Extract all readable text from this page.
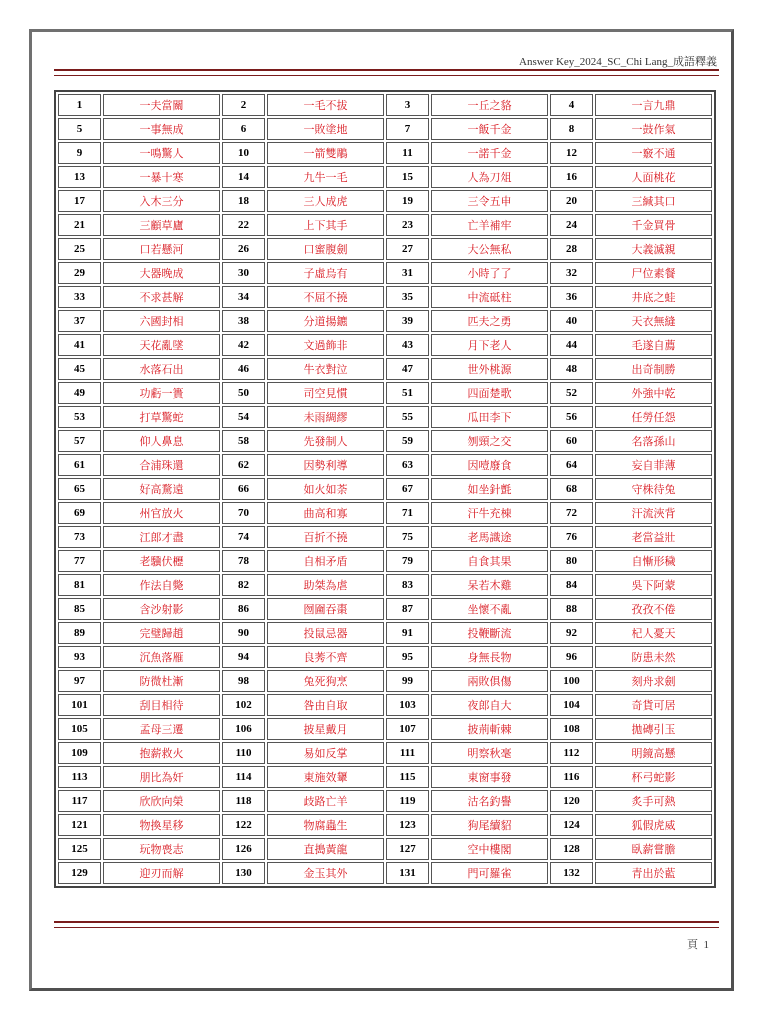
Answer Key_2024_SC_Chi Lang_成語釋義
1	一夫當關	2	一毛不拔	3	一丘之貉	4	一言九鼎
5	一事無成	6	一敗塗地	7	一飯千金	8	一鼓作氣
9	一鳴驚人	10	一箭雙鵰	11	一諾千金	12	一竅不通
13	一暴十寒	14	九牛一毛	15	人為刀俎	16	人面桃花
17	入木三分	18	三人成虎	19	三令五申	20	三緘其口
21	三顧草廬	22	上下其手	23	亡羊補牢	24	千金買骨
25	口若懸河	26	口蜜腹劍	27	大公無私	28	大義滅親
29	大器晚成	30	子虛烏有	31	小時了了	32	尸位素餐
33	不求甚解	34	不屈不撓	35	中流砥柱	36	井底之蛙
37	六國封相	38	分道揚鑣	39	匹夫之勇	40	天衣無縫
41	天花亂墜	42	文過飾非	43	月下老人	44	毛遂自薦
45	水落石出	46	牛衣對泣	47	世外桃源	48	出奇制勝
49	功虧一簣	50	司空見慣	51	四面楚歌	52	外強中乾
53	打草驚蛇	54	未雨綢繆	55	瓜田李下	56	任勞任怨
57	仰人鼻息	58	先發制人	59	刎頸之交	60	名落孫山
61	合浦珠還	62	因勢利導	63	因噎廢食	64	妄自菲薄
65	好高騖遠	66	如火如荼	67	如坐針氈	68	守株待兔
69	州官放火	70	曲高和寡	71	汗牛充棟	72	汗流浹背
73	江郎才盡	74	百折不撓	75	老馬識途	76	老當益壯
77	老驥伏櫪	78	自相矛盾	79	自食其果	80	自慚形穢
81	作法自斃	82	助桀為虐	83	呆若木雞	84	吳下阿蒙
85	含沙射影	86	囫圇吞棗	87	坐懷不亂	88	孜孜不倦
89	完璧歸趙	90	投鼠忌器	91	投鞭斷流	92	杞人憂天
93	沉魚落雁	94	良莠不齊	95	身無長物	96	防患未然
97	防微杜漸	98	兔死狗烹	99	兩敗俱傷	100	刻舟求劍
101	刮目相待	102	咎由自取	103	夜郎自大	104	奇貨可居
105	孟母三遷	106	披星戴月	107	披荊斬棘	108	拋磚引玉
109	抱薪救火	110	易如反掌	111	明察秋毫	112	明鏡高懸
113	朋比為奸	114	東施效顰	115	東窗事發	116	杯弓蛇影
117	欣欣向榮	118	歧路亡羊	119	沽名釣譽	120	炙手可熱
121	物換星移	122	物腐蟲生	123	狗尾續貂	124	狐假虎威
125	玩物喪志	126	直搗黃龍	127	空中樓閣	128	臥薪嘗膽
129	迎刃而解	130	金玉其外	131	門可羅雀	132	青出於藍
頁 1
